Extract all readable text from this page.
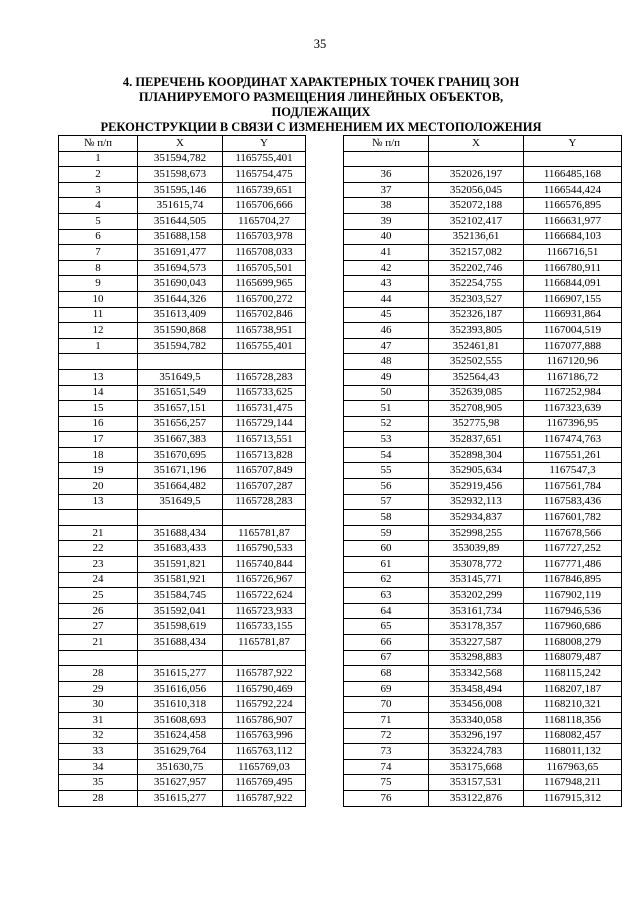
35
4. ПЕРЕЧЕНЬ КООРДИНАТ ХАРАКТЕРНЫХ ТОЧЕК ГРАНИЦ ЗОН
ПЛАНИРУЕМОГО РАЗМЕЩЕНИЯ ЛИНЕЙНЫХ ОБЪЕКТОВ, ПОДЛЕЖАЩИХ
РЕКОНСТРУКЦИИ В СВЯЗИ С ИЗМЕНЕНИЕМ ИХ МЕСТОПОЛОЖЕНИЯ
№ п/п	X	Y
1	351594,782	1165755,401
2	351598,673	1165754,475
3	351595,146	1165739,651
4	351615,74	1165706,666
5	351644,505	1165704,27
6	351688,158	1165703,978
7	351691,477	1165708,033
8	351694,573	1165705,501
9	351690,043	1165699,965
10	351644,326	1165700,272
11	351613,409	1165702,846
12	351590,868	1165738,951
1	351594,782	1165755,401

13	351649,5	1165728,283
14	351651,549	1165733,625
15	351657,151	1165731,475
16	351656,257	1165729,144
17	351667,383	1165713,551
18	351670,695	1165713,828
19	351671,196	1165707,849
20	351664,482	1165707,287
13	351649,5	1165728,283

21	351688,434	1165781,87
22	351683,433	1165790,533
23	351591,821	1165740,844
24	351581,921	1165726,967
25	351584,745	1165722,624
26	351592,041	1165723,933
27	351598,619	1165733,155
21	351688,434	1165781,87

28	351615,277	1165787,922
29	351616,056	1165790,469
30	351610,318	1165792,224
31	351608,693	1165786,907
32	351624,458	1165763,996
33	351629,764	1165763,112
34	351630,75	1165769,03
35	351627,957	1165769,495
28	351615,277	1165787,922
№ п/п	X	Y

36	352026,197	1166485,168
37	352056,045	1166544,424
38	352072,188	1166576,895
39	352102,417	1166631,977
40	352136,61	1166684,103
41	352157,082	1166716,51
42	352202,746	1166780,911
43	352254,755	1166844,091
44	352303,527	1166907,155
45	352326,187	1166931,864
46	352393,805	1167004,519
47	352461,81	1167077,888
48	352502,555	1167120,96
49	352564,43	1167186,72
50	352639,085	1167252,984
51	352708,905	1167323,639
52	352775,98	1167396,95
53	352837,651	1167474,763
54	352898,304	1167551,261
55	352905,634	1167547,3
56	352919,456	1167561,784
57	352932,113	1167583,436
58	352934,837	1167601,782
59	352998,255	1167678,566
60	353039,89	1167727,252
61	353078,772	1167771,486
62	353145,771	1167846,895
63	353202,299	1167902,119
64	353161,734	1167946,536
65	353178,357	1167960,686
66	353227,587	1168008,279
67	353298,883	1168079,487
68	353342,568	1168115,242
69	353458,494	1168207,187
70	353456,008	1168210,321
71	353340,058	1168118,356
72	353296,197	1168082,457
73	353224,783	1168011,132
74	353175,668	1167963,65
75	353157,531	1167948,211
76	353122,876	1167915,312
